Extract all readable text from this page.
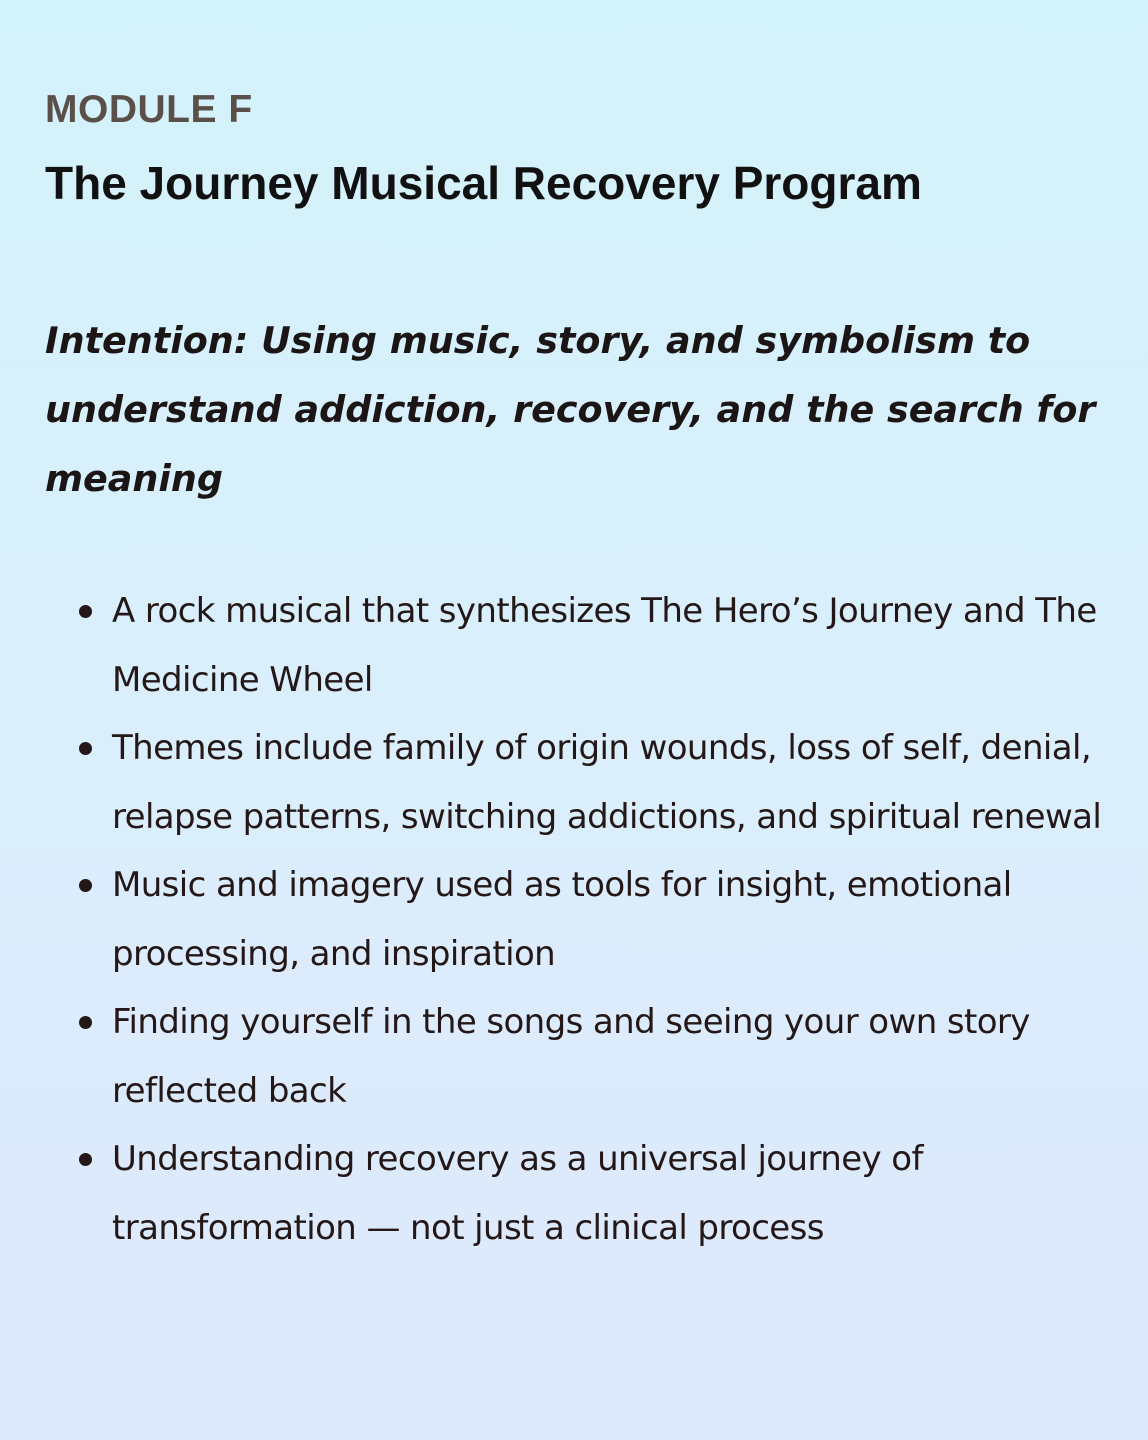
MODULE F
The Journey Musical Recovery Program

Intention: Using music, story, and symbolism to understand addiction, recovery, and the search for meaning

A rock musical that synthesizes The Hero’s Journey and The Medicine Wheel
Themes include family of origin wounds, loss of self, denial, relapse patterns, switching addictions, and spiritual renewal
Music and imagery used as tools for insight, emotional processing, and inspiration
Finding yourself in the songs and seeing your own story reflected back
Understanding recovery as a universal journey of transformation — not just a clinical process
